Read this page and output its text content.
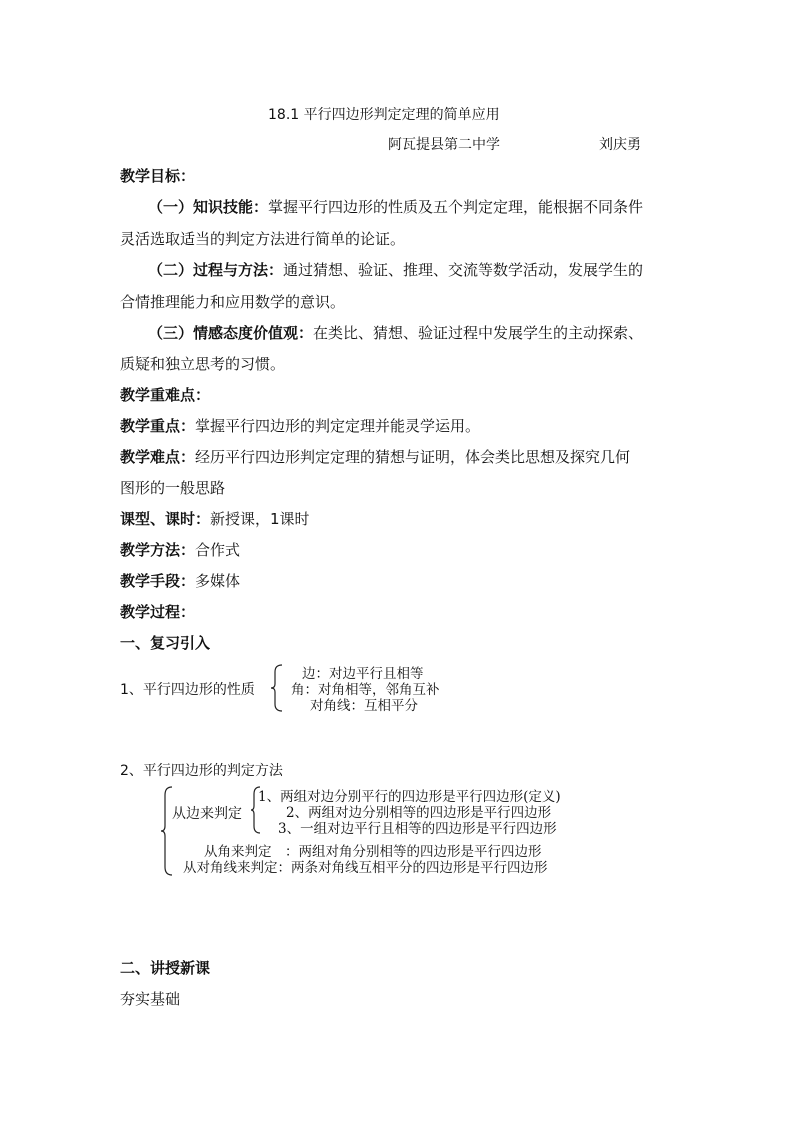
18.1 平行四边形判定定理的简单应用
阿瓦提县第二中学	刘庆勇
教学目标：
（一）知识技能：掌握平行四边形的性质及五个判定定理，能根据不同条件
灵活选取适当的判定方法进行简单的论证。
（二）过程与方法：通过猜想、验证、推理、交流等数学活动，发展学生的
合情推理能力和应用数学的意识。
（三）情感态度价值观：在类比、猜想、验证过程中发展学生的主动探索、
质疑和独立思考的习惯。
教学重难点：
教学重点：掌握平行四边形的判定定理并能灵学运用。
教学难点：经历平行四边形判定定理的猜想与证明，体会类比思想及探究几何
图形的一般思路
课型、课时：新授课，1课时
教学方法：合作式
教学手段：多媒体
教学过程：
一、复习引入
1、平行四边形的性质
边：对边平行且相等
角：对角相等，邻角互补
对角线：互相平分
2、平行四边形的判定方法
从边来判定
1、两组对边分别平行的四边形是平行四边形(定义)
2、两组对边分别相等的四边形是平行四边形
3、一组对边平行且相等的四边形是平行四边形
从角来判定　：两组对角分别相等的四边形是平行四边形
从对角线来判定：两条对角线互相平分的四边形是平行四边形
二、讲授新课
夯实基础
